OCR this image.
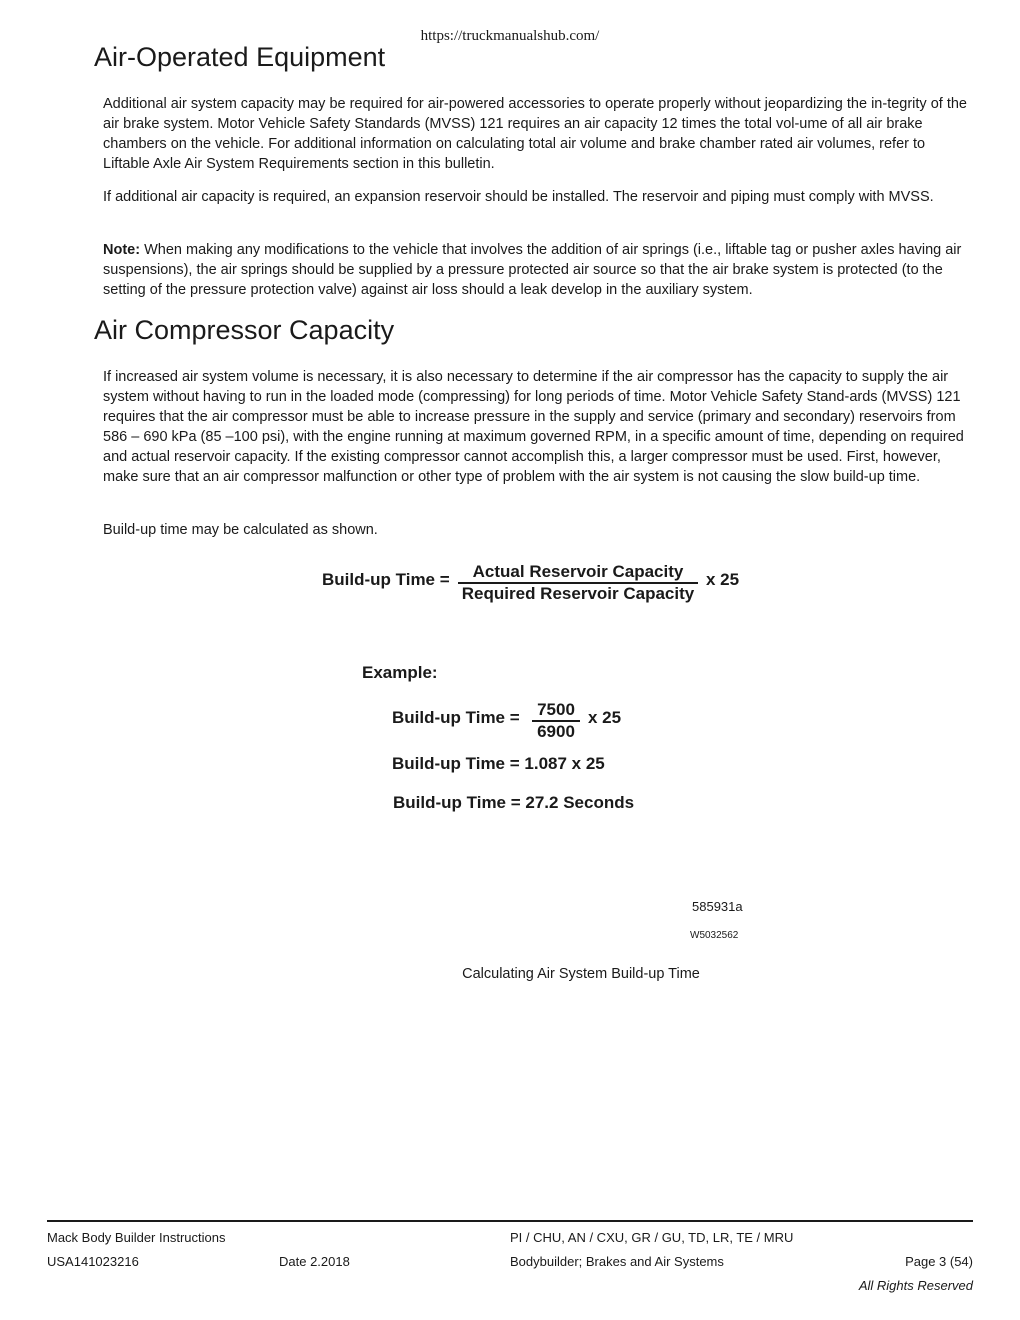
https://truckmanualshub.com/
Air-Operated Equipment

Additional air system capacity may be required for air-powered accessories to operate properly without jeopardizing the in-tegrity of the air brake system. Motor Vehicle Safety Standards (MVSS) 121 requires an air capacity 12 times the total vol-ume of all air brake chambers on the vehicle. For additional information on calculating total air volume and brake chamber rated air volumes, refer to Liftable Axle Air System Requirements section in this bulletin.

If additional air capacity is required, an expansion reservoir should be installed. The reservoir and piping must comply with MVSS.

Note: When making any modifications to the vehicle that involves the addition of air springs (i.e., liftable tag or pusher axles having air suspensions), the air springs should be supplied by a pressure protected air source so that the air brake system is protected (to the setting of the pressure protection valve) against air loss should a leak develop in the auxiliary system.

Air Compressor Capacity

If increased air system volume is necessary, it is also necessary to determine if the air compressor has the capacity to supply the air system without having to run in the loaded mode (compressing) for long periods of time. Motor Vehicle Safety Stand-ards (MVSS) 121 requires that the air compressor must be able to increase pressure in the supply and service (primary and secondary) reservoirs from 586 – 690 kPa (85 –100 psi), with the engine running at maximum governed RPM, in a specific amount of time, depending on required and actual reservoir capacity. If the existing compressor cannot accomplish this, a larger compressor must be used. First, however, make sure that an air compressor malfunction or other type of problem with the air system is not causing the slow build-up time.

Build-up time may be calculated as shown.

Build-up Time =	Actual Reservoir Capacity
Required Reservoir Capacity
x 25
Example:
Build-up Time = 7500
6900
x 25
Build-up Time = 1.087 x 25
Build-up Time = 27.2 Seconds
585931a
W5032562
Calculating Air System Build-up Time
Mack Body Builder Instructions	PI / CHU, AN / CXU, GR / GU, TD, LR, TE / MRU
USA141023216	Date 2.2018	Bodybuilder; Brakes and Air Systems	Page 3 (54)
All Rights Reserved
